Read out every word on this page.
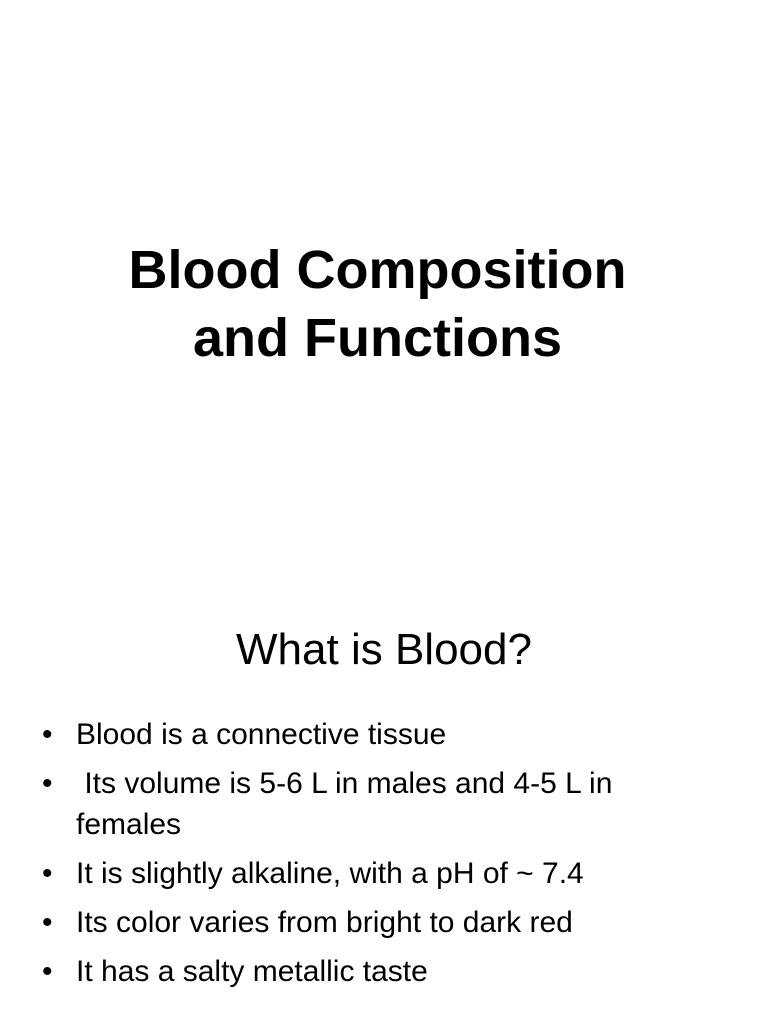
Blood Composition
and Functions
What is Blood?
• Blood is a connective tissue
• Its volume is 5-6 L in males and 4-5 L in females
• It is slightly alkaline, with a pH of ~ 7.4
• Its color varies from bright to dark red
• It has a salty metallic taste
